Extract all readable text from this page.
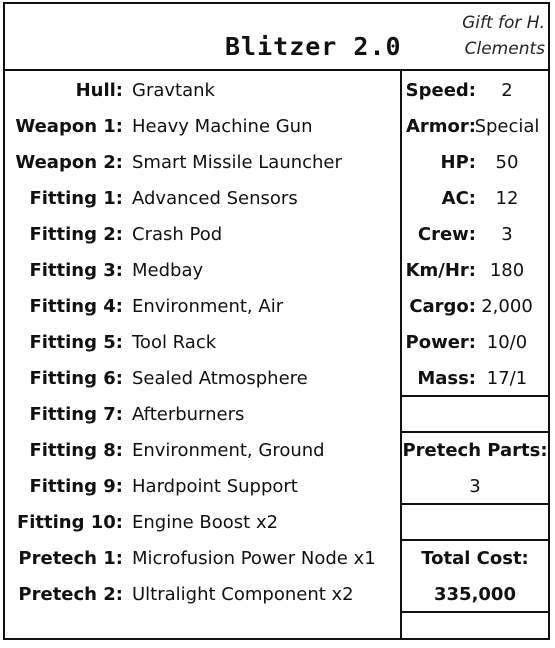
Blitzer 2.0
Gift for H.
Clements
Hull: Gravtank
Weapon 1: Heavy Machine Gun
Weapon 2: Smart Missile Launcher
Fitting 1: Advanced Sensors
Fitting 2: Crash Pod
Fitting 3: Medbay
Fitting 4: Environment, Air
Fitting 5: Tool Rack
Fitting 6: Sealed Atmosphere
Fitting 7: Afterburners
Fitting 8: Environment, Ground
Fitting 9: Hardpoint Support
Fitting 10: Engine Boost x2
Pretech 1: Microfusion Power Node x1
Pretech 2: Ultralight Component x2
Speed:	2
Armor:
Special
HP:	50
AC:	12
Crew:	3
Km/Hr: 180
Cargo: 2,000
Power: 10/0
Mass: 17/1
Pretech Parts:
3
Total Cost:
335,000
